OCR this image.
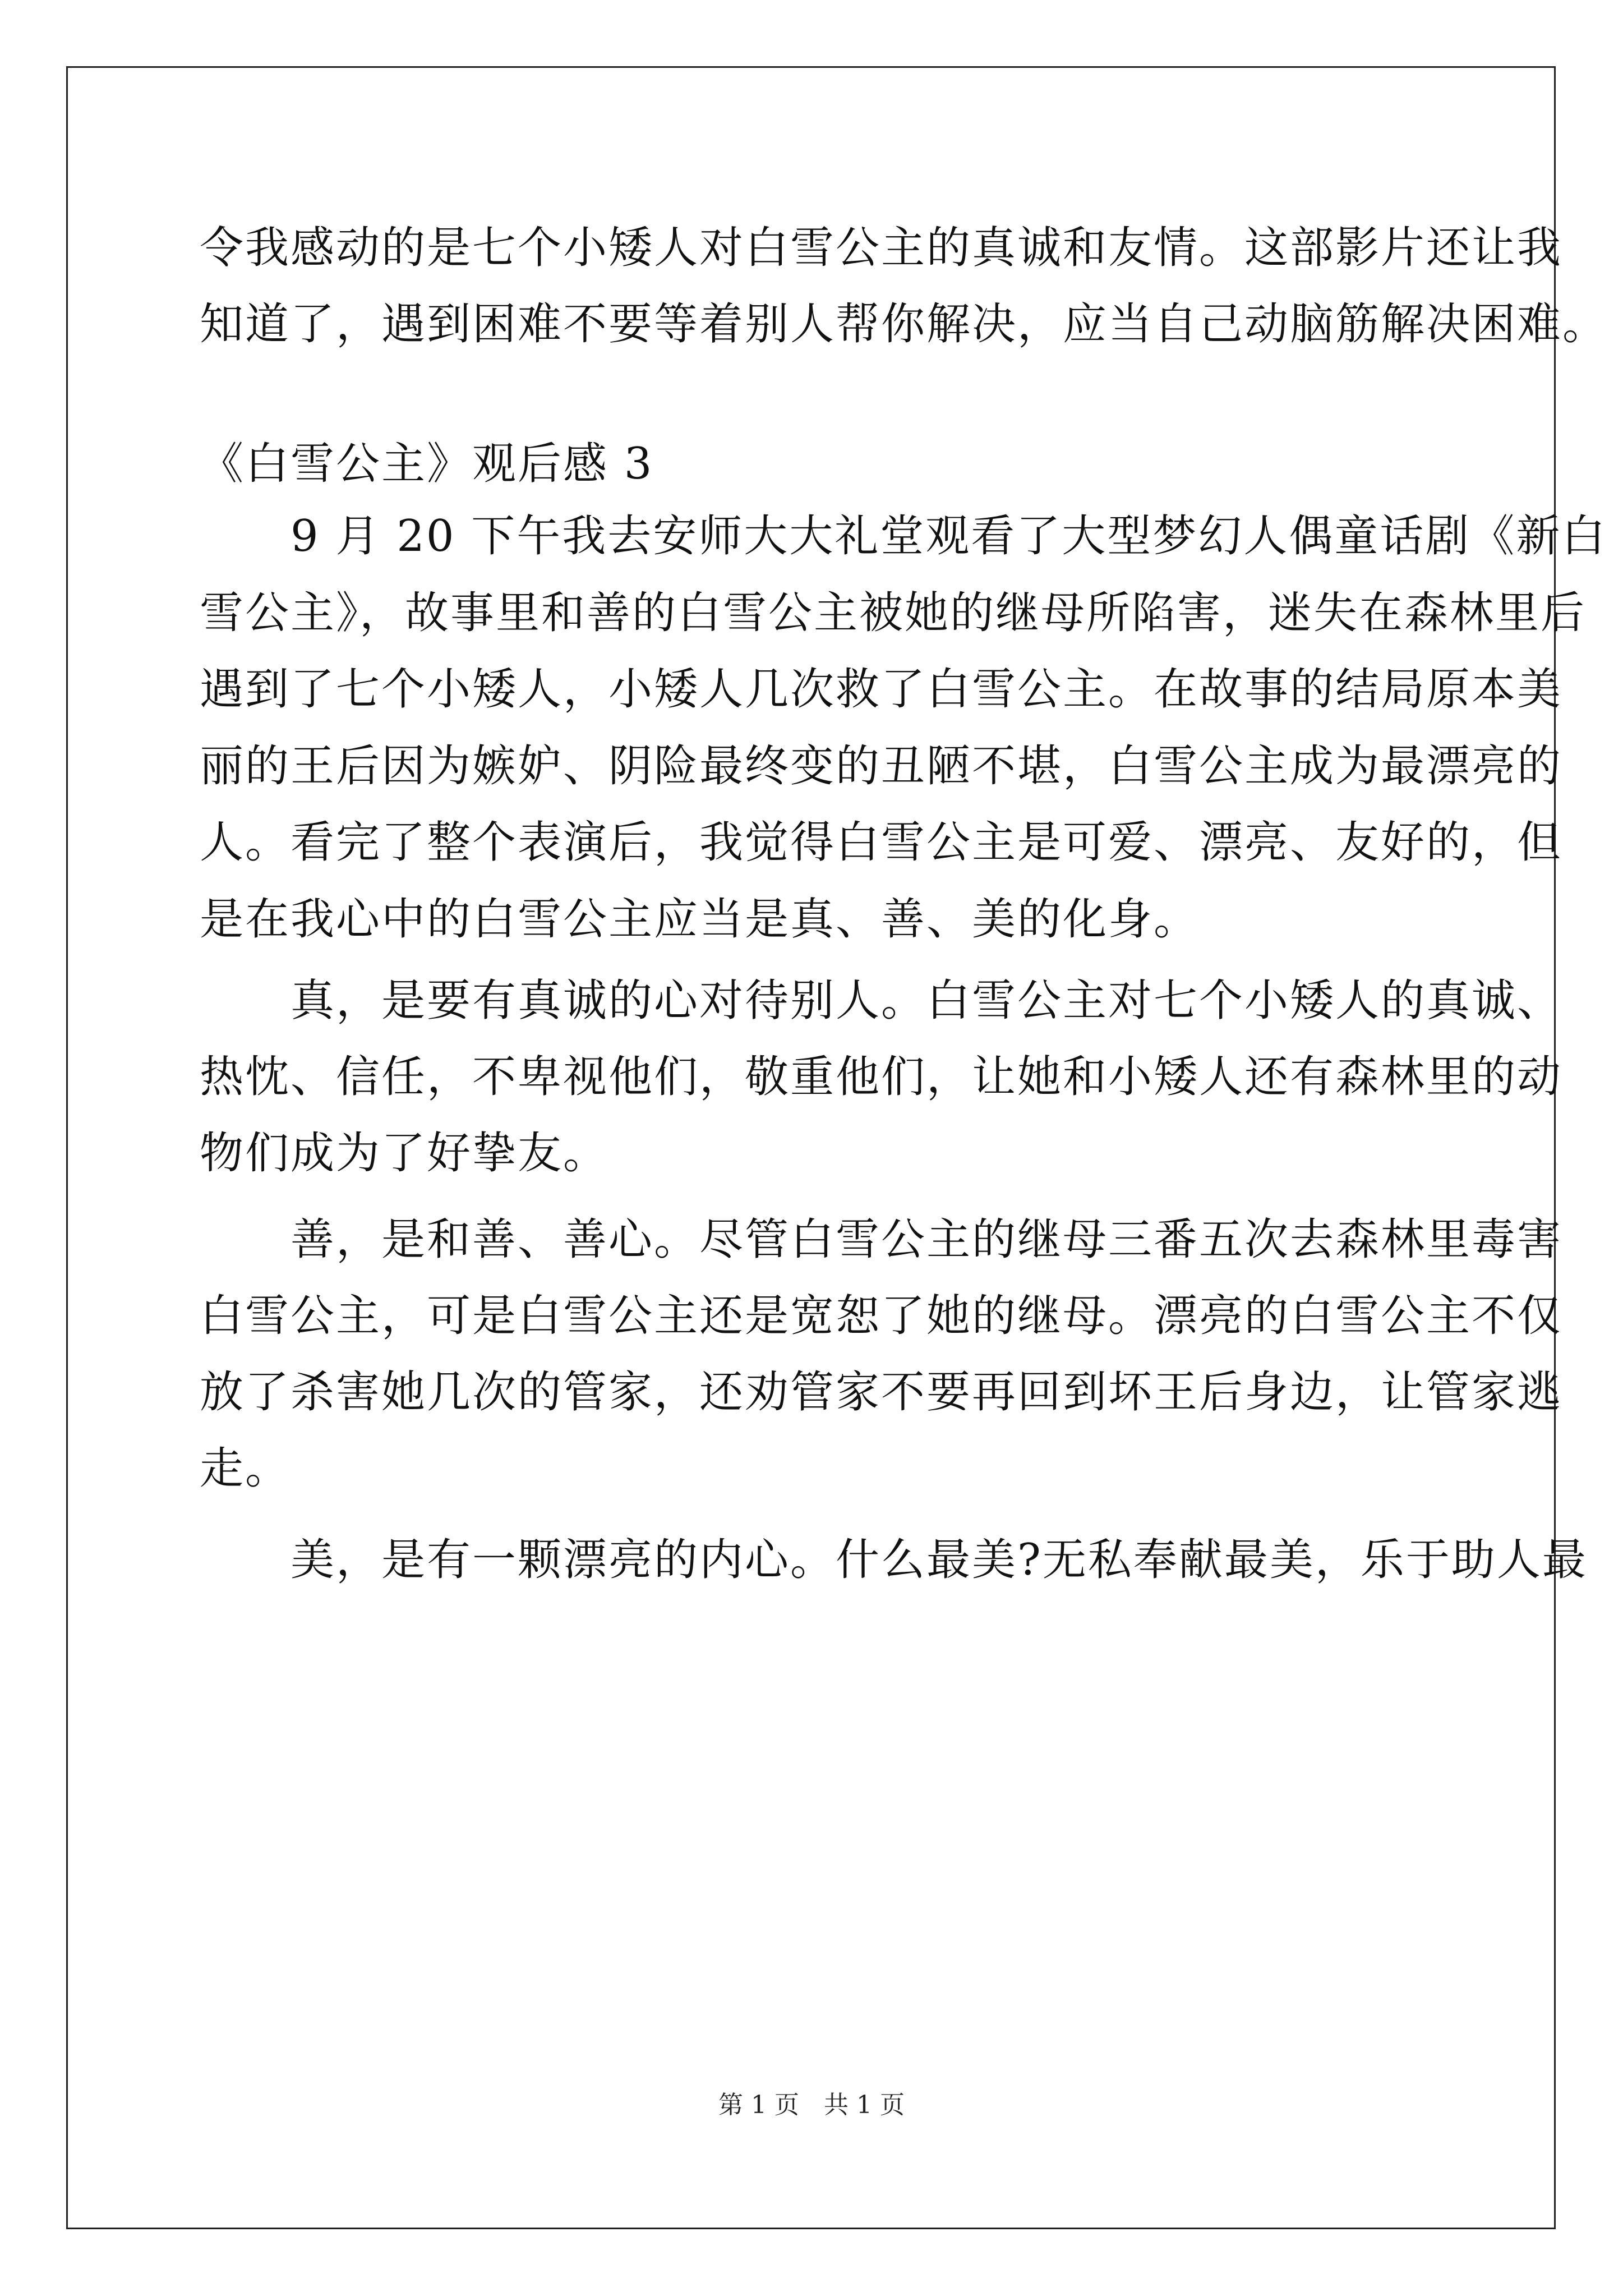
令我感动的是七个小矮人对白雪公主的真诚和友情。这部影片还让我
知道了，遇到困难不要等着别人帮你解决，应当自己动脑筋解决困难。
《白雪公主》观后感 3
　　9 月 20 下午我去安师大大礼堂观看了大型梦幻人偶童话剧《新白
雪公主》，故事里和善的白雪公主被她的继母所陷害，迷失在森林里后
遇到了七个小矮人，小矮人几次救了白雪公主。在故事的结局原本美
丽的王后因为嫉妒、阴险最终变的丑陋不堪，白雪公主成为最漂亮的
人。看完了整个表演后，我觉得白雪公主是可爱、漂亮、友好的，但
是在我心中的白雪公主应当是真、善、美的化身。
　　真，是要有真诚的心对待别人。白雪公主对七个小矮人的真诚、
热忱、信任，不卑视他们，敬重他们，让她和小矮人还有森林里的动
物们成为了好挚友。
　　善，是和善、善心。尽管白雪公主的继母三番五次去森林里毒害
白雪公主，可是白雪公主还是宽恕了她的继母。漂亮的白雪公主不仅
放了杀害她几次的管家，还劝管家不要再回到坏王后身边，让管家逃
走。
　　美，是有一颗漂亮的内心。什么最美?无私奉献最美，乐于助人最
第 1 页　共 1 页
